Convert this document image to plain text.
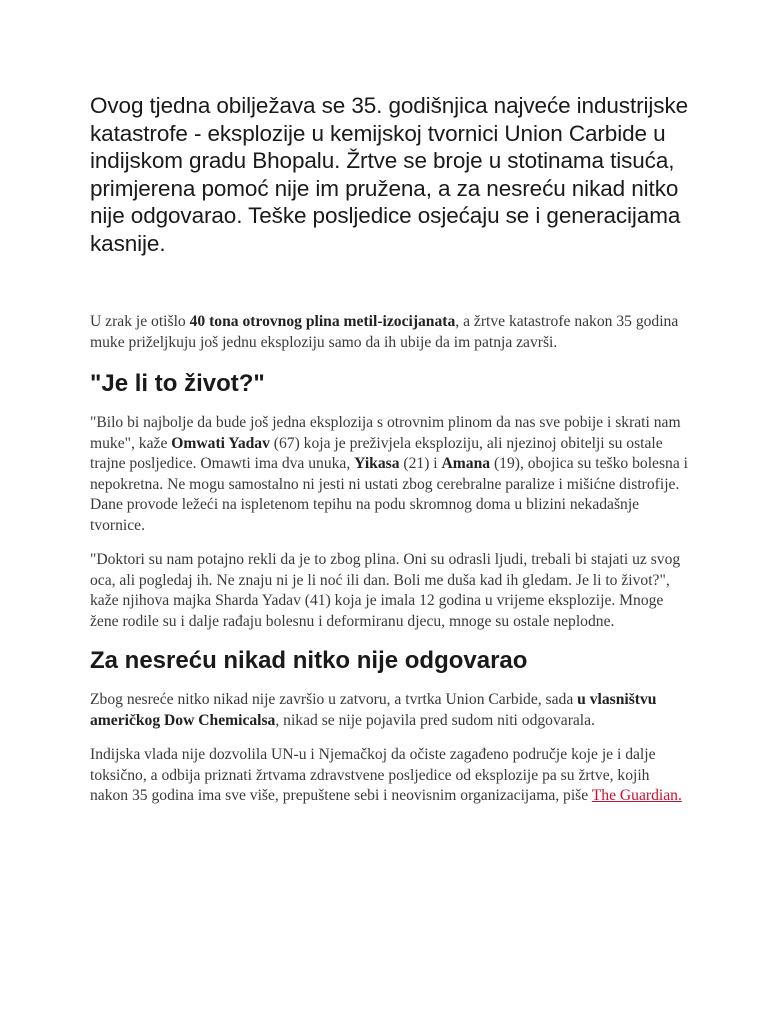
Ovog tjedna obilježava se 35. godišnjica najveće industrijske katastrofe - eksplozije u kemijskoj tvornici Union Carbide u indijskom gradu Bhopalu. Žrtve se broje u stotinama tisuća, primjerena pomoć nije im pružena, a za nesreću nikad nitko nije odgovarao. Teške posljedice osjećaju se i generacijama kasnije.

U zrak je otišlo 40 tona otrovnog plina metil-izocijanata, a žrtve katastrofe nakon 35 godina muke priželjkuju još jednu eksploziju samo da ih ubije da im patnja završi.

"Je li to život?"

"Bilo bi najbolje da bude još jedna eksplozija s otrovnim plinom da nas sve pobije i skrati nam muke", kaže Omwati Yadav (67) koja je preživjela eksploziju, ali njezinoj obitelji su ostale trajne posljedice. Omawti ima dva unuka, Yikasa (21) i Amana (19), obojica su teško bolesna i nepokretna. Ne mogu samostalno ni jesti ni ustati zbog cerebralne paralize i mišićne distrofije. Dane provode ležeći na ispletenom tepihu na podu skromnog doma u blizini nekadašnje tvornice.

"Doktori su nam potajno rekli da je to zbog plina. Oni su odrasli ljudi, trebali bi stajati uz svog oca, ali pogledaj ih. Ne znaju ni je li noć ili dan. Boli me duša kad ih gledam. Je li to život?", kaže njihova majka Sharda Yadav (41) koja je imala 12 godina u vrijeme eksplozije. Mnoge žene rodile su i dalje rađaju bolesnu i deformiranu djecu, mnoge su ostale neplodne.

Za nesreću nikad nitko nije odgovarao

Zbog nesreće nitko nikad nije završio u zatvoru, a tvrtka Union Carbide, sada u vlasništvu američkog Dow Chemicalsa, nikad se nije pojavila pred sudom niti odgovarala.

Indijska vlada nije dozvolila UN-u i Njemačkoj da očiste zagađeno područje koje je i dalje toksično, a odbija priznati žrtvama zdravstvene posljedice od eksplozije pa su žrtve, kojih nakon 35 godina ima sve više, prepuštene sebi i neovisnim organizacijama, piše The Guardian.
